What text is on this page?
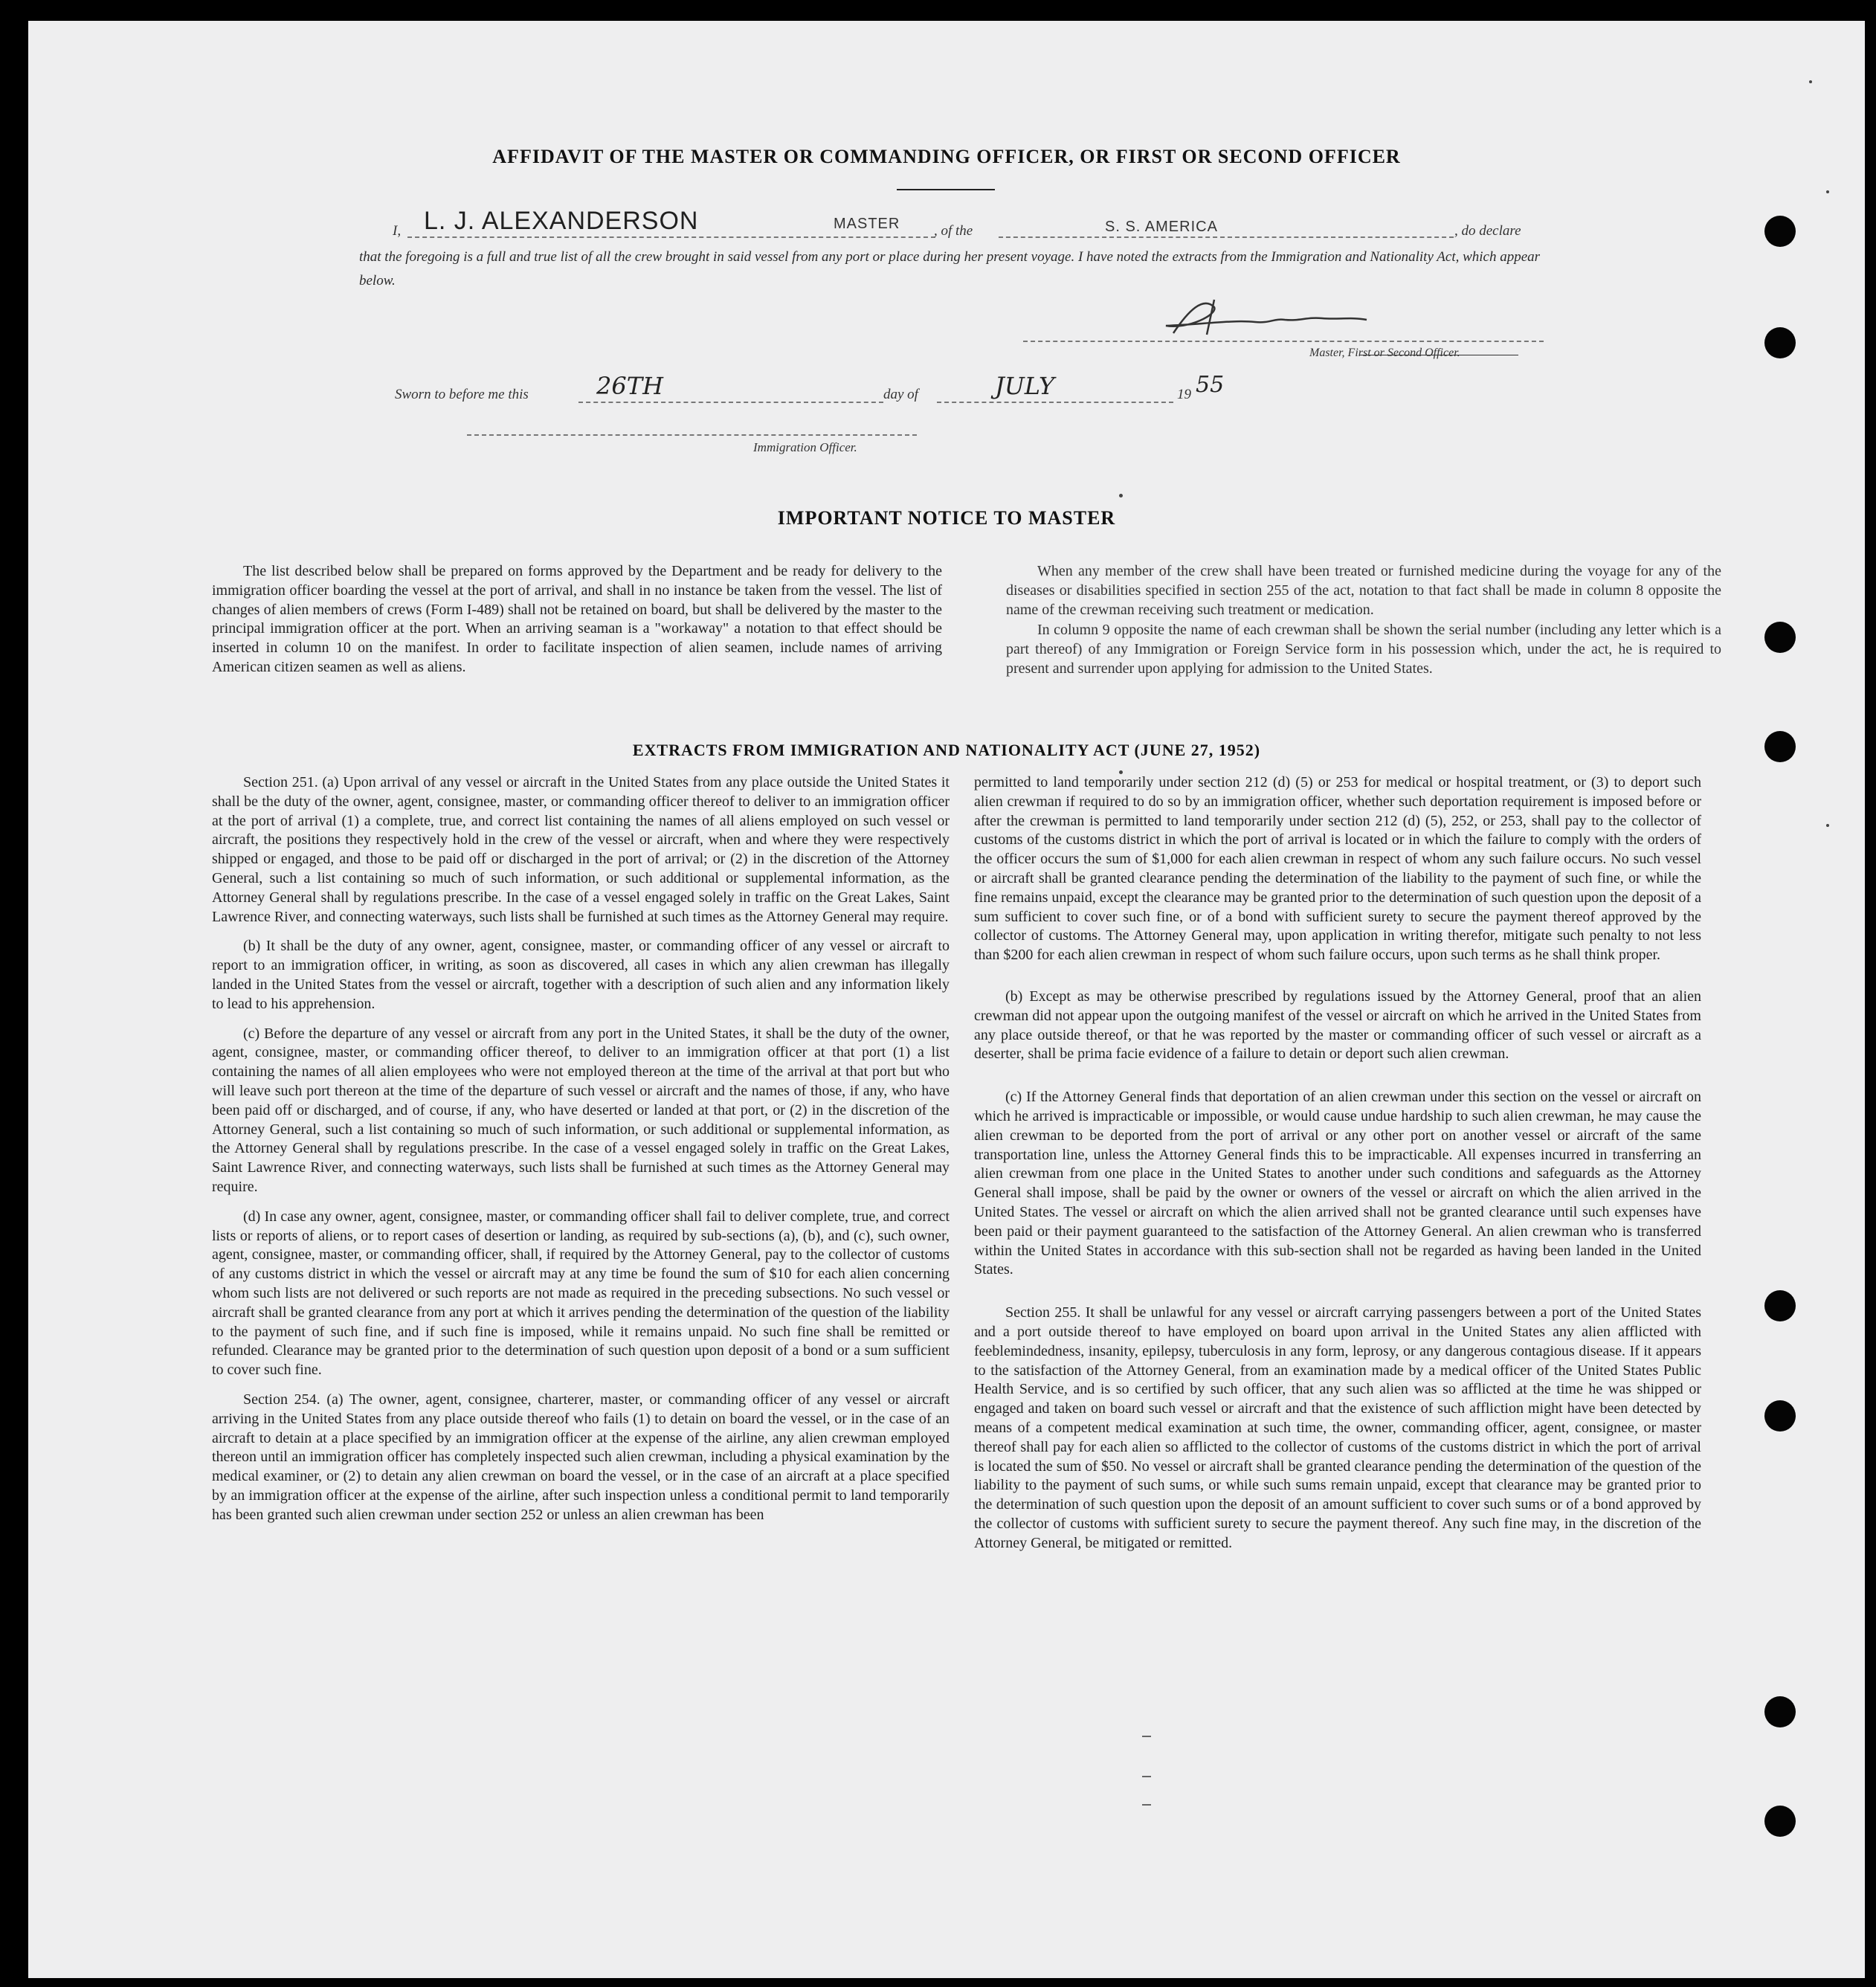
AFFIDAVIT OF THE MASTER OR COMMANDING OFFICER, OR FIRST OR SECOND OFFICER
I, L. J. ALEXANDERSON	MASTER , of the	S. S. AMERICA	, do declare
that the foregoing is a full and true list of all the crew brought in said vessel from any port or place during her present voyage. I have noted the extracts from the Immigration and Nationality Act, which appear below.
Master, First or Second Officer.
Sworn to before me this	26TH	day of	JULY	19 55
Immigration Officer.
IMPORTANT NOTICE TO MASTER

The list described below shall be prepared on forms approved by the Department and be ready for delivery to the immigration officer boarding the vessel at the port of arrival, and shall in no instance be taken from the vessel. The list of changes of alien members of crews (Form I-489) shall not be retained on board, but shall be delivered by the master to the principal immigration officer at the port. When an arriving seaman is a "workaway" a notation to that effect should be inserted in column 10 on the manifest. In order to facilitate inspection of alien seamen, include names of arriving American citizen seamen as well as aliens.

When any member of the crew shall have been treated or furnished medicine during the voyage for any of the diseases or disabilities specified in section 255 of the act, notation to that fact shall be made in column 8 opposite the name of the crewman receiving such treatment or medication.

In column 9 opposite the name of each crewman shall be shown the serial number (including any letter which is a part thereof) of any Immigration or Foreign Service form in his possession which, under the act, he is required to present and surrender upon applying for admission to the United States.

EXTRACTS FROM IMMIGRATION AND NATIONALITY ACT (JUNE 27, 1952)

Section 251. (a) Upon arrival of any vessel or aircraft in the United States from any place outside the United States it shall be the duty of the owner, agent, consignee, master, or commanding officer thereof to deliver to an immigration officer at the port of arrival (1) a complete, true, and correct list containing the names of all aliens employed on such vessel or aircraft, the positions they respectively hold in the crew of the vessel or aircraft, when and where they were respectively shipped or engaged, and those to be paid off or discharged in the port of arrival; or (2) in the discretion of the Attorney General, such a list containing so much of such information, or such additional or supplemental information, as the Attorney General shall by regulations prescribe. In the case of a vessel engaged solely in traffic on the Great Lakes, Saint Lawrence River, and connecting waterways, such lists shall be furnished at such times as the Attorney General may require.

(b) It shall be the duty of any owner, agent, consignee, master, or commanding officer of any vessel or aircraft to report to an immigration officer, in writing, as soon as discovered, all cases in which any alien crewman has illegally landed in the United States from the vessel or aircraft, together with a description of such alien and any information likely to lead to his apprehension.

(c) Before the departure of any vessel or aircraft from any port in the United States, it shall be the duty of the owner, agent, consignee, master, or commanding officer thereof, to deliver to an immigration officer at that port (1) a list containing the names of all alien employees who were not employed thereon at the time of the arrival at that port but who will leave such port thereon at the time of the departure of such vessel or aircraft and the names of those, if any, who have been paid off or discharged, and of course, if any, who have deserted or landed at that port, or (2) in the discretion of the Attorney General, such a list containing so much of such information, or such additional or supplemental information, as the Attorney General shall by regulations prescribe. In the case of a vessel engaged solely in traffic on the Great Lakes, Saint Lawrence River, and connecting waterways, such lists shall be furnished at such times as the Attorney General may require.

(d) In case any owner, agent, consignee, master, or commanding officer shall fail to deliver complete, true, and correct lists or reports of aliens, or to report cases of desertion or landing, as required by sub-sections (a), (b), and (c), such owner, agent, consignee, master, or commanding officer, shall, if required by the Attorney General, pay to the collector of customs of any customs district in which the vessel or aircraft may at any time be found the sum of $10 for each alien concerning whom such lists are not delivered or such reports are not made as required in the preceding subsections. No such vessel or aircraft shall be granted clearance from any port at which it arrives pending the determination of the question of the liability to the payment of such fine, and if such fine is imposed, while it remains unpaid. No such fine shall be remitted or refunded. Clearance may be granted prior to the determination of such question upon deposit of a bond or a sum sufficient to cover such fine.

Section 254. (a) The owner, agent, consignee, charterer, master, or commanding officer of any vessel or aircraft arriving in the United States from any place outside thereof who fails (1) to detain on board the vessel, or in the case of an aircraft to detain at a place specified by an immigration officer at the expense of the airline, any alien crewman employed thereon until an immigration officer has completely inspected such alien crewman, including a physical examination by the medical examiner, or (2) to detain any alien crewman on board the vessel, or in the case of an aircraft at a place specified by an immigration officer at the expense of the airline, after such inspection unless a conditional permit to land temporarily has been granted such alien crewman under section 252 or unless an alien crewman has been

permitted to land temporarily under section 212 (d) (5) or 253 for medical or hospital treatment, or (3) to deport such alien crewman if required to do so by an immigration officer, whether such deportation requirement is imposed before or after the crewman is permitted to land temporarily under section 212 (d) (5), 252, or 253, shall pay to the collector of customs of the customs district in which the port of arrival is located or in which the failure to comply with the orders of the officer occurs the sum of $1,000 for each alien crewman in respect of whom any such failure occurs. No such vessel or aircraft shall be granted clearance pending the determination of the liability to the payment of such fine, or while the fine remains unpaid, except the clearance may be granted prior to the determination of such question upon the deposit of a sum sufficient to cover such fine, or of a bond with sufficient surety to secure the payment thereof approved by the collector of customs. The Attorney General may, upon application in writing therefor, mitigate such penalty to not less than $200 for each alien crewman in respect of whom such failure occurs, upon such terms as he shall think proper.

(b) Except as may be otherwise prescribed by regulations issued by the Attorney General, proof that an alien crewman did not appear upon the outgoing manifest of the vessel or aircraft on which he arrived in the United States from any place outside thereof, or that he was reported by the master or commanding officer of such vessel or aircraft as a deserter, shall be prima facie evidence of a failure to detain or deport such alien crewman.

(c) If the Attorney General finds that deportation of an alien crewman under this section on the vessel or aircraft on which he arrived is impracticable or impossible, or would cause undue hardship to such alien crewman, he may cause the alien crewman to be deported from the port of arrival or any other port on another vessel or aircraft of the same transportation line, unless the Attorney General finds this to be impracticable. All expenses incurred in transferring an alien crewman from one place in the United States to another under such conditions and safeguards as the Attorney General shall impose, shall be paid by the owner or owners of the vessel or aircraft on which the alien arrived in the United States. The vessel or aircraft on which the alien arrived shall not be granted clearance until such expenses have been paid or their payment guaranteed to the satisfaction of the Attorney General. An alien crewman who is transferred within the United States in accordance with this sub-section shall not be regarded as having been landed in the United States.

Section 255. It shall be unlawful for any vessel or aircraft carrying passengers between a port of the United States and a port outside thereof to have employed on board upon arrival in the United States any alien afflicted with feeblemindedness, insanity, epilepsy, tuberculosis in any form, leprosy, or any dangerous contagious disease. If it appears to the satisfaction of the Attorney General, from an examination made by a medical officer of the United States Public Health Service, and is so certified by such officer, that any such alien was so afflicted at the time he was shipped or engaged and taken on board such vessel or aircraft and that the existence of such affliction might have been detected by means of a competent medical examination at such time, the owner, commanding officer, agent, consignee, or master thereof shall pay for each alien so afflicted to the collector of customs of the customs district in which the port of arrival is located the sum of $50. No vessel or aircraft shall be granted clearance pending the determination of the question of the liability to the payment of such sums, or while such sums remain unpaid, except that clearance may be granted prior to the determination of such question upon the deposit of an amount sufficient to cover such sums or of a bond approved by the collector of customs with sufficient surety to secure the payment thereof. Any such fine may, in the discretion of the Attorney General, be mitigated or remitted.
